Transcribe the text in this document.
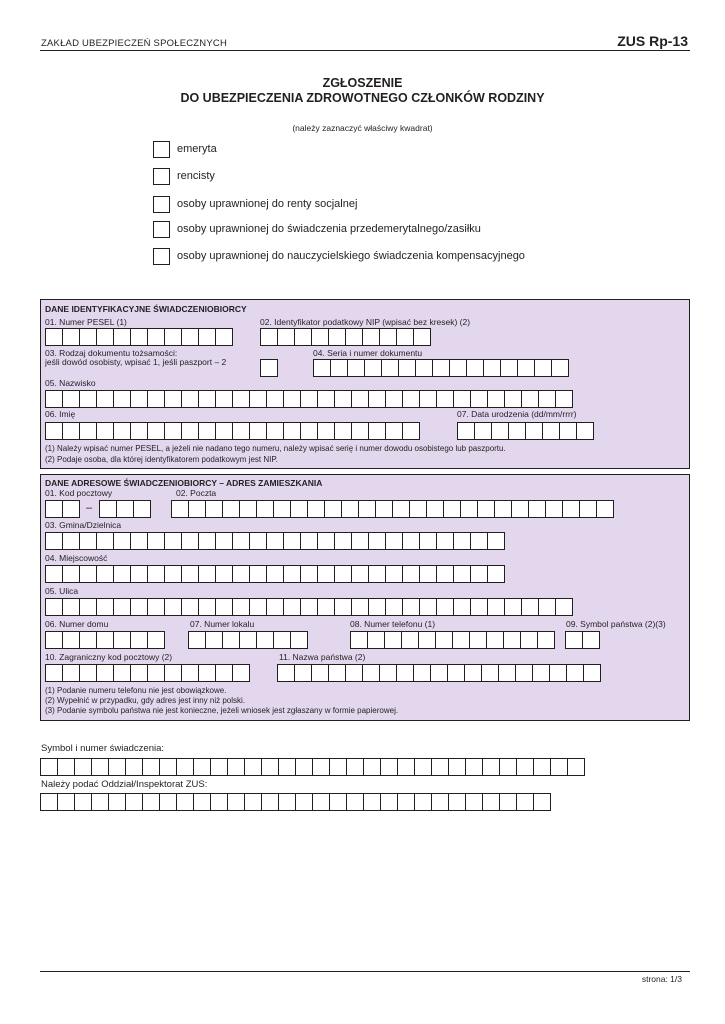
ZAKŁAD UBEZPIECZEŃ SPOŁECZNYCH	ZUS Rp-13
ZGŁOSZENIE
DO UBEZPIECZENIA ZDROWOTNEGO CZŁONKÓW RODZINY
(należy zaznaczyć właściwy kwadrat)
emeryta
rencisty
osoby uprawnionej do renty socjalnej
osoby uprawnionej do świadczenia przedemerytalnego/zasiłku
osoby uprawnionej do nauczycielskiego świadczenia kompensacyjnego
DANE IDENTYFIKACYJNE ŚWIADCZENIOBIORCY
01. Numer PESEL (1)	02. Identyfikator podatkowy NIP (wpisać bez kresek) (2)
03. Rodzaj dokumentu tożsamości:
jeśli dowód osobisty, wpisać 1, jeśli paszport – 2
04. Seria i numer dokumentu
05. Nazwisko
06. Imię	07. Data urodzenia (dd/mm/rrrr)
(1) Należy wpisać numer PESEL, a jeżeli nie nadano tego numeru, należy wpisać serię i numer dowodu osobistego lub paszportu.
(2) Podaje osoba, dla której identyfikatorem podatkowym jest NIP.
DANE ADRESOWE ŚWIADCZENIOBIORCY – ADRES ZAMIESZKANIA
01. Kod pocztowy
–
02. Poczta
03. Gmina/Dzielnica
04. Miejscowość
05. Ulica
06. Numer domu	07. Numer lokalu	08. Numer telefonu (1)	09. Symbol państwa (2)(3)
10. Zagraniczny kod pocztowy (2)	11. Nazwa państwa (2)
(1) Podanie numeru telefonu nie jest obowiązkowe.
(2) Wypełnić w przypadku, gdy adres jest inny niż polski.
(3) Podanie symbolu państwa nie jest konieczne, jeżeli wniosek jest zgłaszany w formie papierowej.
Symbol i numer świadczenia:
Należy podać Oddział/Inspektorat ZUS:
strona: 1/3
